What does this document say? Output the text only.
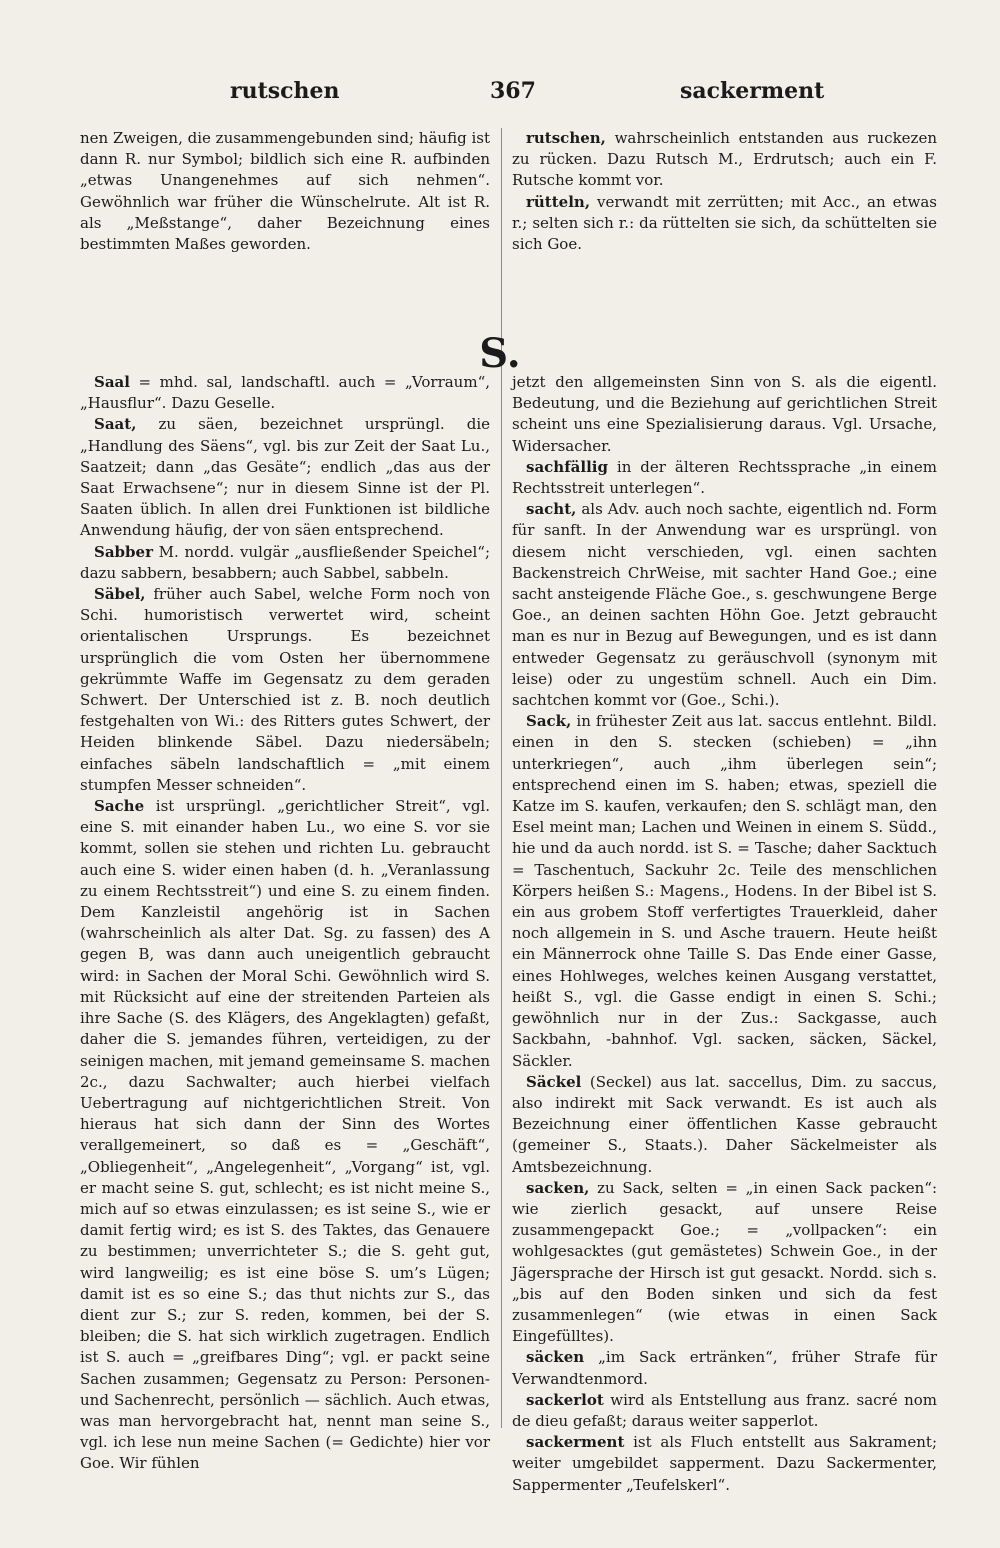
rutschen	367	sackerment

nen Zweigen, die zusammengebunden sind; häufig ist dann R. nur Symbol; bildlich sich eine R. aufbinden „etwas Unangenehmes auf sich nehmen“. Gewöhnlich war früher die Wünschelrute. Alt ist R. als „Meßstange“, daher Bezeichnung eines bestimmten Maßes geworden.

rutschen, wahrscheinlich entstanden aus ruckezen zu rücken. Dazu Rutsch M., Erdrutsch; auch ein F. Rutsche kommt vor.

rütteln, verwandt mit zerrütten; mit Acc., an etwas r.; selten sich r.: da rüttelten sie sich, da schüttelten sie sich Goe.

S.

Saal = mhd. sal, landschaftl. auch = „Vorraum“, „Hausflur“. Dazu Geselle.

Saat, zu säen, bezeichnet ursprüngl. die „Handlung des Säens“, vgl. bis zur Zeit der Saat Lu., Saatzeit; dann „das Gesäte“; endlich „das aus der Saat Erwachsene“; nur in diesem Sinne ist der Pl. Saaten üblich. In allen drei Funktionen ist bildliche Anwendung häufig, der von säen entsprechend.

Sabber M. nordd. vulgär „ausfließender Speichel“; dazu sabbern, besabbern; auch Sabbel, sabbeln.

Säbel, früher auch Sabel, welche Form noch von Schi. humoristisch verwertet wird, scheint orientalischen Ursprungs. Es bezeichnet ursprünglich die vom Osten her übernommene gekrümmte Waffe im Gegensatz zu dem geraden Schwert. Der Unterschied ist z. B. noch deutlich festgehalten von Wi.: des Ritters gutes Schwert, der Heiden blinkende Säbel. Dazu niedersäbeln; einfaches säbeln landschaftlich = „mit einem stumpfen Messer schneiden“.

Sache ist ursprüngl. „gerichtlicher Streit“, vgl. eine S. mit einander haben Lu., wo eine S. vor sie kommt, sollen sie stehen und richten Lu. gebraucht auch eine S. wider einen haben (d. h. „Veranlassung zu einem Rechtsstreit“) und eine S. zu einem finden. Dem Kanzleistil angehörig ist in Sachen (wahrscheinlich als alter Dat. Sg. zu fassen) des A gegen B, was dann auch uneigentlich gebraucht wird: in Sachen der Moral Schi. Gewöhnlich wird S. mit Rücksicht auf eine der streitenden Parteien als ihre Sache (S. des Klägers, des Angeklagten) gefaßt, daher die S. jemandes führen, verteidigen, zu der seinigen machen, mit jemand gemeinsame S. machen 2c., dazu Sachwalter; auch hierbei vielfach Uebertragung auf nichtgerichtlichen Streit. Von hieraus hat sich dann der Sinn des Wortes verallgemeinert, so daß es = „Geschäft“, „Obliegenheit“, „Angelegenheit“, „Vorgang“ ist, vgl. er macht seine S. gut, schlecht; es ist nicht meine S., mich auf so etwas einzulassen; es ist seine S., wie er damit fertig wird; es ist S. des Taktes, das Genauere zu bestimmen; unverrichteter S.; die S. geht gut, wird langweilig; es ist eine böse S. um’s Lügen; damit ist es so eine S.; das thut nichts zur S., das dient zur S.; zur S. reden, kommen, bei der S. bleiben; die S. hat sich wirklich zugetragen. Endlich ist S. auch = „greifbares Ding“; vgl. er packt seine Sachen zusammen; Gegensatz zu Person: Personen- und Sachenrecht, persönlich — sächlich. Auch etwas, was man hervorgebracht hat, nennt man seine S., vgl. ich lese nun meine Sachen (= Gedichte) hier vor Goe. Wir fühlen

jetzt den allgemeinsten Sinn von S. als die eigentl. Bedeutung, und die Beziehung auf gerichtlichen Streit scheint uns eine Spezialisierung daraus. Vgl. Ursache, Widersacher.

sachfällig in der älteren Rechtssprache „in einem Rechtsstreit unterlegen“.

sacht, als Adv. auch noch sachte, eigentlich nd. Form für sanft. In der Anwendung war es ursprüngl. von diesem nicht verschieden, vgl. einen sachten Backenstreich ChrWeise, mit sachter Hand Goe.; eine sacht ansteigende Fläche Goe., s. geschwungene Berge Goe., an deinen sachten Höhn Goe. Jetzt gebraucht man es nur in Bezug auf Bewegungen, und es ist dann entweder Gegensatz zu geräuschvoll (synonym mit leise) oder zu ungestüm schnell. Auch ein Dim. sachtchen kommt vor (Goe., Schi.).

Sack, in frühester Zeit aus lat. saccus entlehnt. Bildl. einen in den S. stecken (schieben) = „ihn unterkriegen“, auch „ihm überlegen sein“; entsprechend einen im S. haben; etwas, speziell die Katze im S. kaufen, verkaufen; den S. schlägt man, den Esel meint man; Lachen und Weinen in einem S. Südd., hie und da auch nordd. ist S. = Tasche; daher Sacktuch = Taschentuch, Sackuhr 2c. Teile des menschlichen Körpers heißen S.: Magens., Hodens. In der Bibel ist S. ein aus grobem Stoff verfertigtes Trauerkleid, daher noch allgemein in S. und Asche trauern. Heute heißt ein Männerrock ohne Taille S. Das Ende einer Gasse, eines Hohlweges, welches keinen Ausgang verstattet, heißt S., vgl. die Gasse endigt in einen S. Schi.; gewöhnlich nur in der Zus.: Sackgasse, auch Sackbahn, -bahnhof. Vgl. sacken, säcken, Säckel, Säckler.

Säckel (Seckel) aus lat. saccellus, Dim. zu saccus, also indirekt mit Sack verwandt. Es ist auch als Bezeichnung einer öffentlichen Kasse gebraucht (gemeiner S., Staats.). Daher Säckelmeister als Amtsbezeichnung.

sacken, zu Sack, selten = „in einen Sack packen“: wie zierlich gesackt, auf unsere Reise zusammengepackt Goe.; = „vollpacken“: ein wohlgesacktes (gut gemästetes) Schwein Goe., in der Jägersprache der Hirsch ist gut gesackt. Nordd. sich s. „bis auf den Boden sinken und sich da fest zusammenlegen“ (wie etwas in einen Sack Eingefülltes).

säcken „im Sack ertränken“, früher Strafe für Verwandtenmord.

sackerlot wird als Entstellung aus franz. sacré nom de dieu gefaßt; daraus weiter sapperlot.

sackerment ist als Fluch entstellt aus Sakrament; weiter umgebildet sapperment. Dazu Sackermenter, Sappermenter „Teufelskerl“.
